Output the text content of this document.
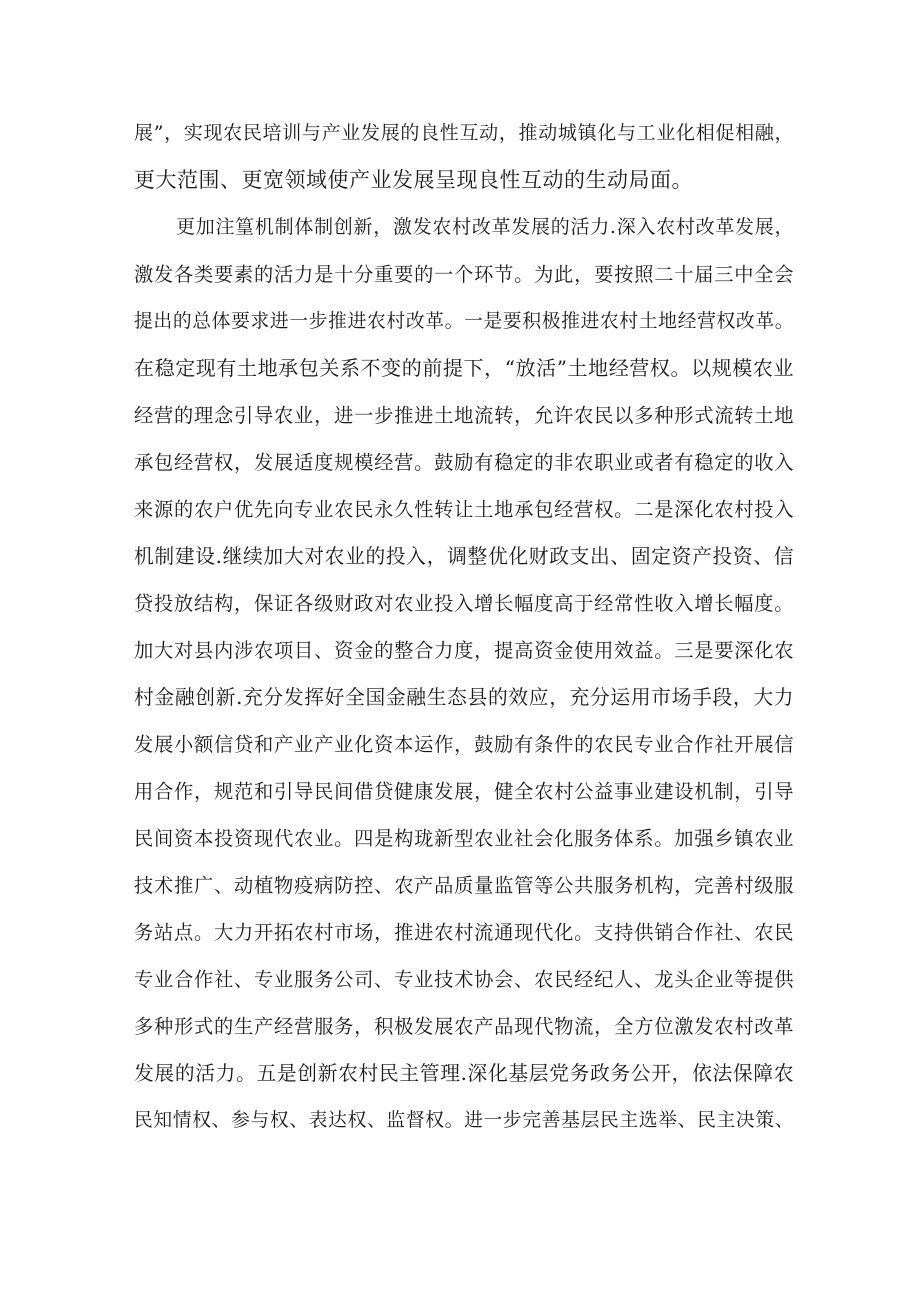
展”，实现农民培训与产业发展的良性互动，推动城镇化与工业化相促相融，
更大范围、更宽领域使产业发展呈现良性互动的生动局面。
更加注篁机制体制创新，激发农村改革发展的活力.深入农村改革发展，
激发各类要素的活力是十分重要的一个环节。为此，要按照二十届三中全会
提出的总体要求进一步推进农村改革。一是要积极推进农村土地经营权改革。
在稳定现有土地承包关系不变的前提下，“放活”土地经营权。以规模农业
经营的理念引导农业，进一步推进土地流转，允许农民以多种形式流转土地
承包经营权，发展适度规模经营。鼓励有稳定的非农职业或者有稳定的收入
来源的农户优先向专业农民永久性转让土地承包经营权。二是深化农村投入
机制建设.继续加大对农业的投入，调整优化财政支出、固定资产投资、信
贷投放结构，保证各级财政对农业投入增长幅度高于经常性收入增长幅度。
加大对县内涉农项目、资金的整合力度，提高资金使用效益。三是要深化农
村金融创新.充分发挥好全国金融生态县的效应，充分运用市场手段，大力
发展小额信贷和产业产业化资本运作，鼓励有条件的农民专业合作社开展信
用合作，规范和引导民间借贷健康发展，健全农村公益事业建设机制，引导
民间资本投资现代农业。四是构珑新型农业社会化服务体系。加强乡镇农业
技术推广、动植物疫病防控、农产品质量监管等公共服务机构，完善村级服
务站点。大力开拓农村市场，推进农村流通现代化。支持供销合作社、农民
专业合作社、专业服务公司、专业技术协会、农民经纪人、龙头企业等提供
多种形式的生产经营服务，积极发展农产品现代物流，全方位激发农村改革
发展的活力。五是创新农村民主管理.深化基层党务政务公开，依法保障农
民知情权、参与权、表达权、监督权。进一步完善基层民主选举、民主决策、
